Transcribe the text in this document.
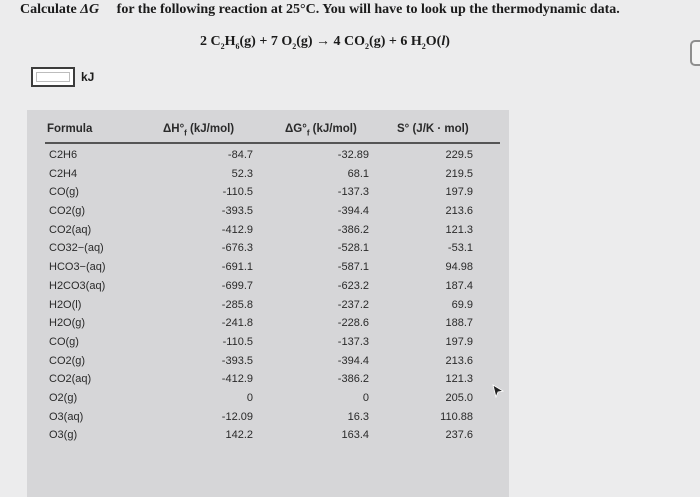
Calculate ΔG for the following reaction at 25°C. You will have to look up the thermodynamic data.
2 $C_2H_6(g) + 7$ $O_2(g) \to 4$ $CO_2(g) + 6$ $H_2O(l)$
kJ
Formula	$\Delta H^\circ_f$ (kJ/mol)	$\Delta G^\circ_f$ (kJ/mol)	S° (J/K · mol)
C2H6	-84.7	-32.89	229.5
C2H4	52.3	68.1	219.5
CO(g)	-110.5	-137.3	197.9
CO2(g)	-393.5	-394.4	213.6
CO2(aq)	-412.9	-386.2	121.3
CO32−(aq)	-676.3	-528.1	-53.1
HCO3−(aq)	-691.1	-587.1	94.98
H2CO3(aq)	-699.7	-623.2	187.4
H2O(l)	-285.8	-237.2	69.9
H2O(g)	-241.8	-228.6	188.7
CO(g)	-110.5	-137.3	197.9
CO2(g)	-393.5	-394.4	213.6
CO2(aq)	-412.9	-386.2	121.3
O2(g)	0	0	205.0
O3(aq)	-12.09	16.3	110.88
O3(g)	142.2	163.4	237.6
